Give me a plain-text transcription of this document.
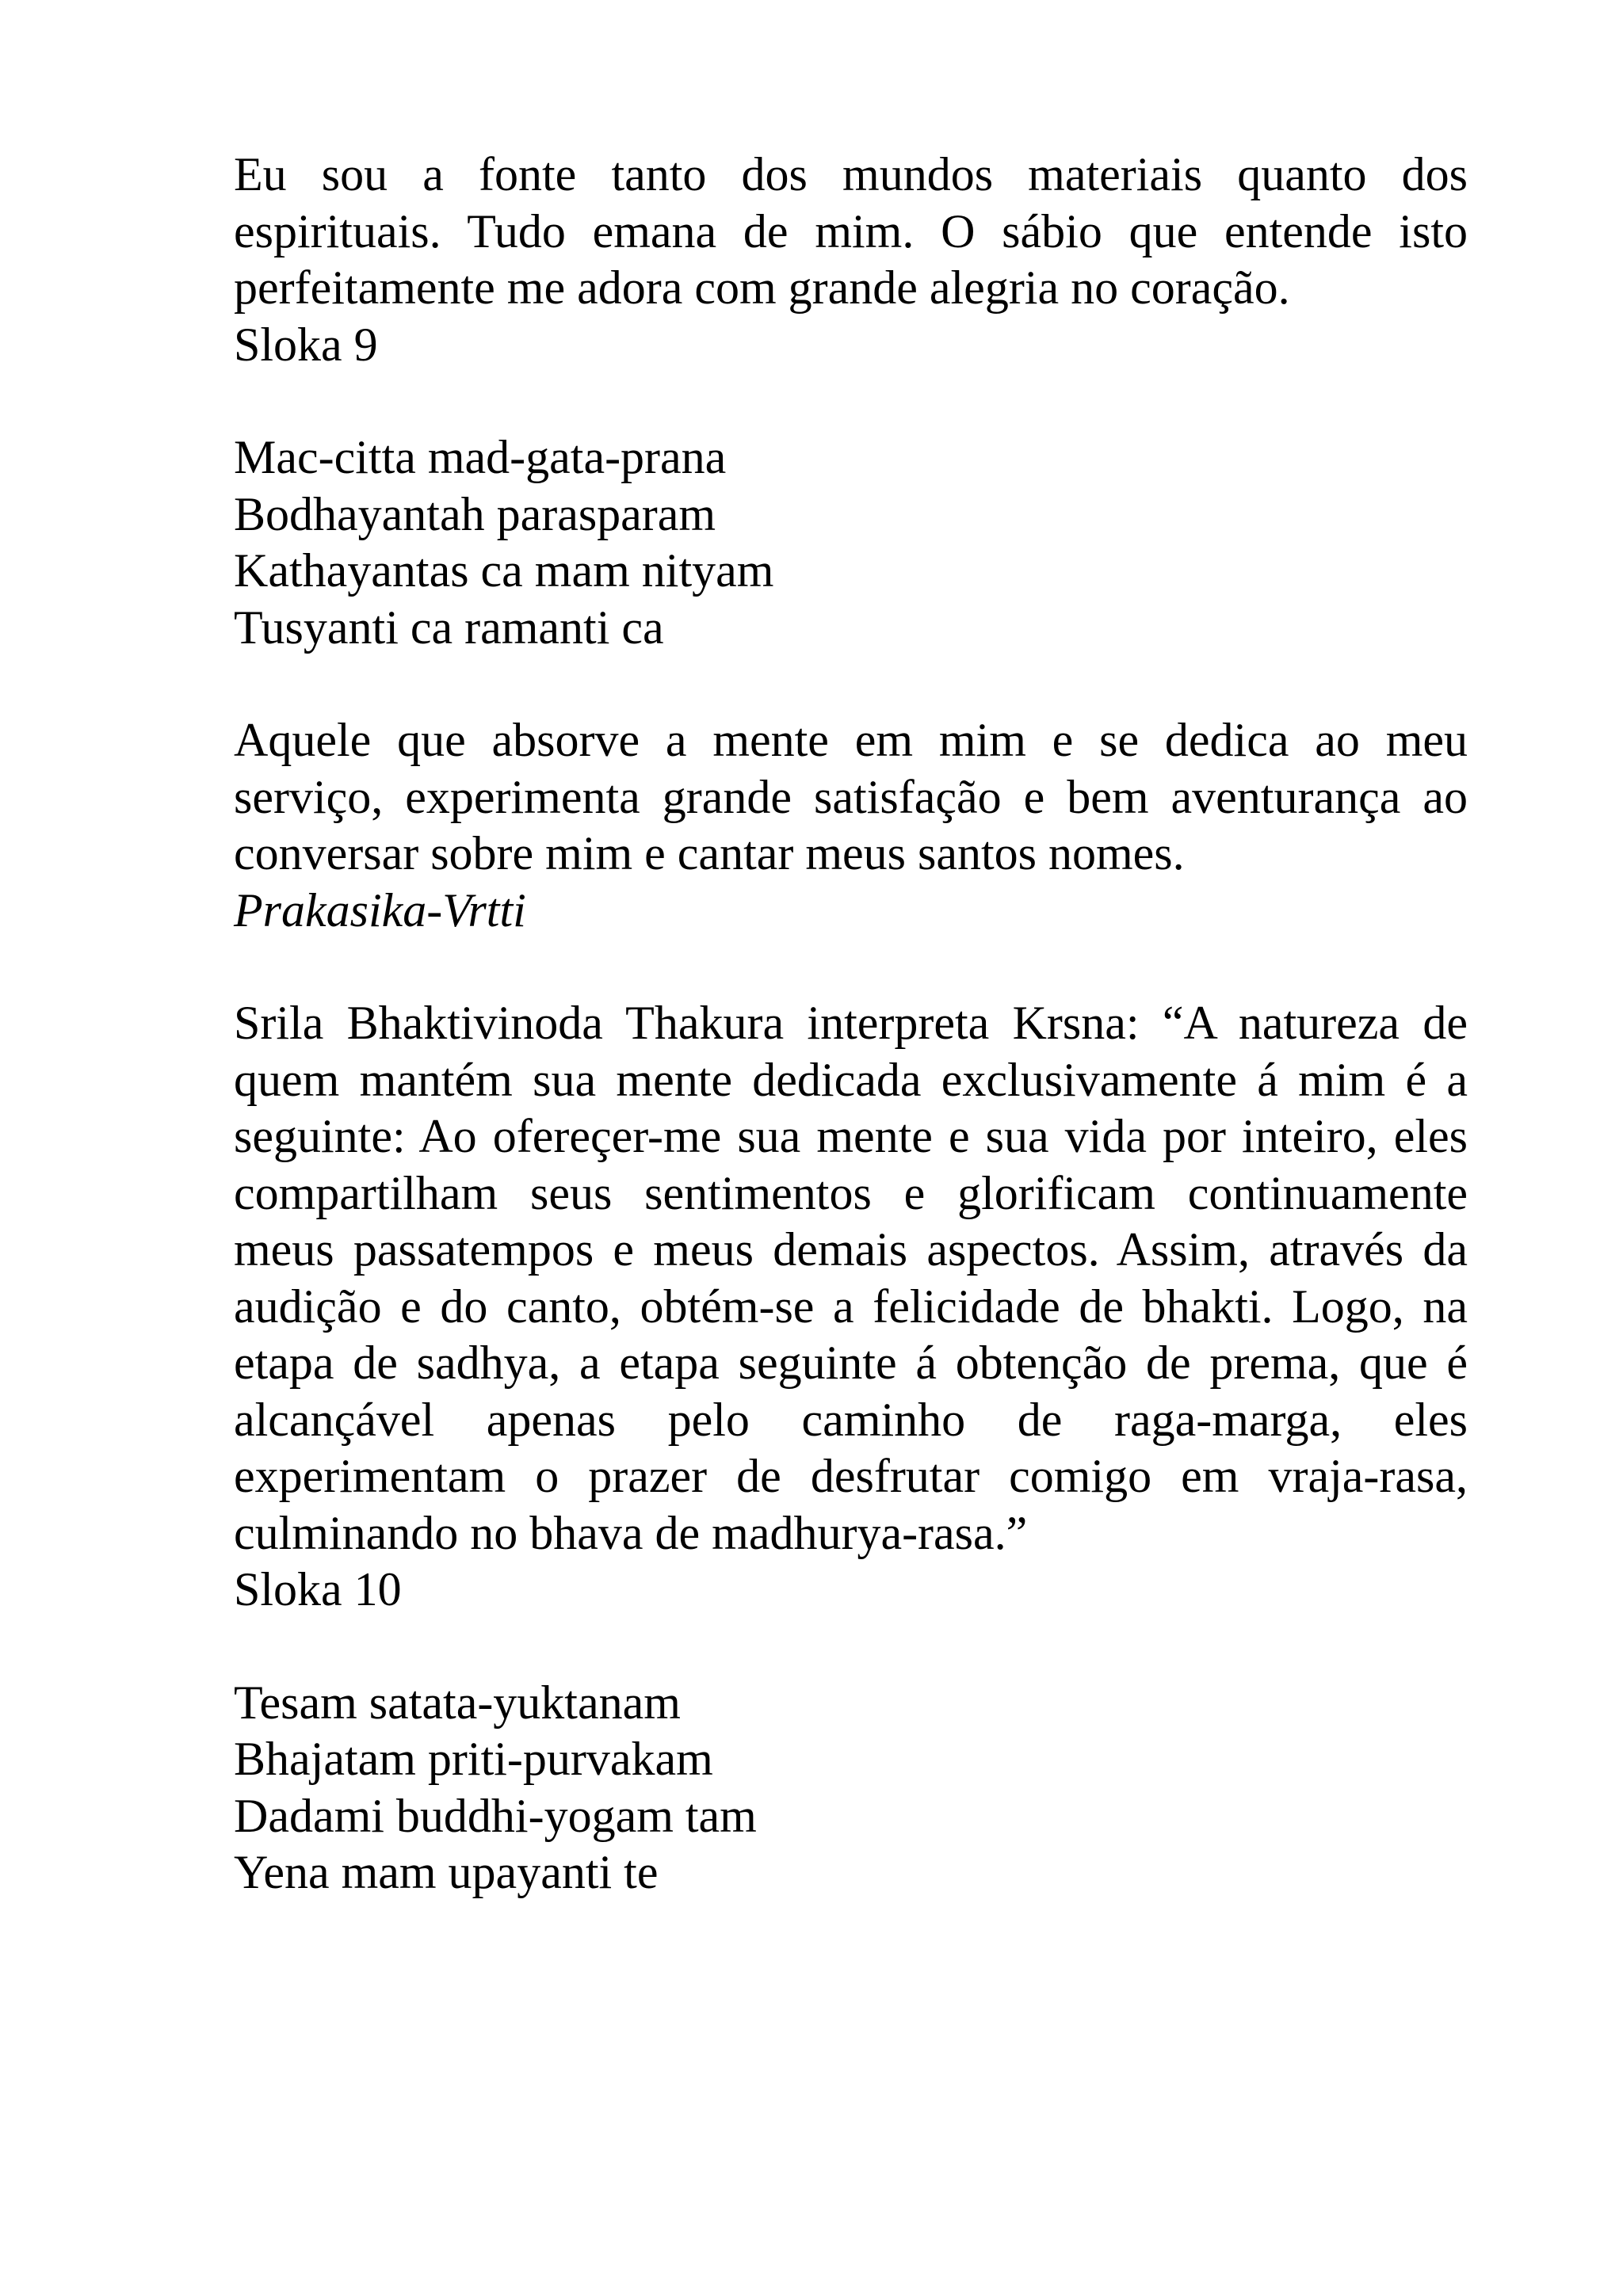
Eu sou a fonte tanto dos mundos materiais quanto dos espirituais. Tudo emana de mim. O sábio que entende isto perfeitamente me adora com grande alegria no coração.

Sloka 9

Mac-citta mad-gata-prana
Bodhayantah parasparam
Kathayantas ca mam nityam
Tusyanti ca ramanti ca

Aquele que absorve a mente em mim e se dedica ao meu serviço, experimenta grande satisfação e bem aventurança ao conversar sobre mim e cantar meus santos nomes.

Prakasika-Vrtti

Srila Bhaktivinoda Thakura interpreta Krsna: “A natureza de quem mantém sua mente dedicada exclusivamente á mim é a seguinte: Ao ofereçer-me sua mente e sua vida por inteiro, eles compartilham seus sentimentos e glorificam continuamente meus passatempos e meus demais aspectos. Assim, através da audição e do canto, obtém-se a felicidade de bhakti. Logo, na etapa de sadhya, a etapa seguinte á obtenção de prema, que é alcançável apenas pelo caminho de raga-marga, eles experimentam o prazer de desfrutar comigo em vraja-rasa, culminando no bhava de madhurya-rasa.”

Sloka 10

Tesam satata-yuktanam
Bhajatam priti-purvakam
Dadami buddhi-yogam tam
Yena mam upayanti te
